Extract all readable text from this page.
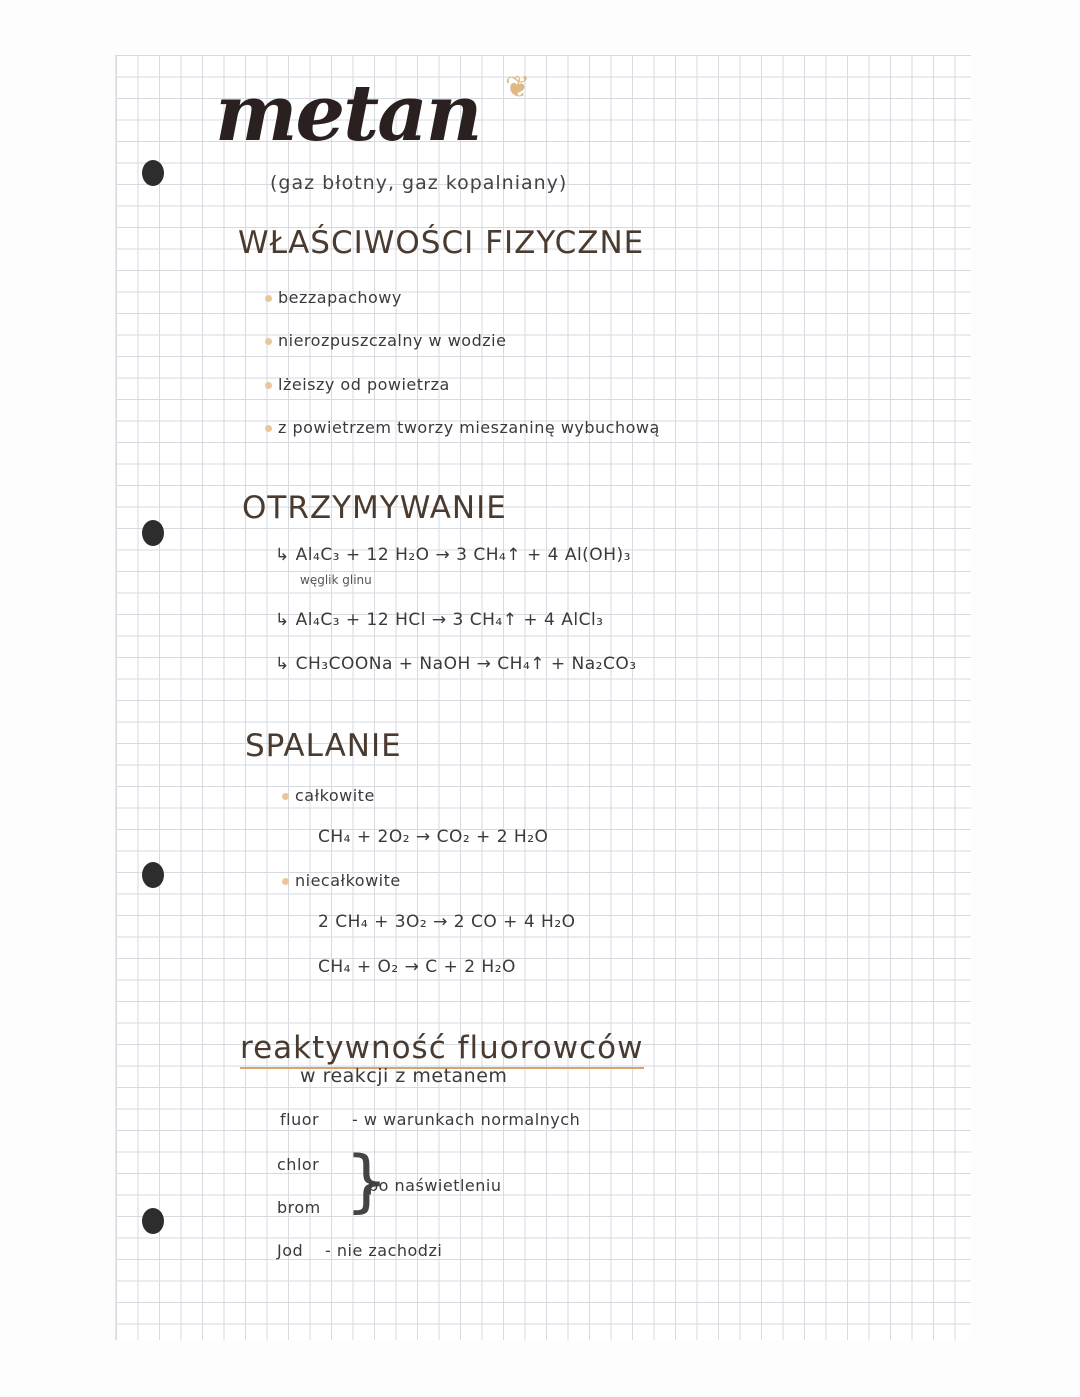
metan ❦
(gaz błotny, gaz kopalniany)
WŁAŚCIWOŚCI FIZYCZNE
bezzapachowy
nierozpuszczalny w wodzie
lżeiszy od powietrza
z powietrzem tworzy mieszaninę wybuchową
OTRZYMYWANIE
↳ Al₄C₃ + 12 H₂O → 3 CH₄↑ + 4 Al(OH)₃
węglik glinu
↳ Al₄C₃ + 12 HCl → 3 CH₄↑ + 4 AlCl₃
↳ CH₃COONa + NaOH → CH₄↑ + Na₂CO₃
SPALANIE
całkowite
CH₄ + 2O₂ → CO₂ + 2 H₂O
niecałkowite
2 CH₄ + 3O₂ → 2 CO + 4 H₂O
CH₄ + O₂ → C + 2 H₂O
reaktywność fluorowców
w reakcji z metanem
fluor - w warunkach normalnych
chlor
brom }
po naświetleniu
Jod - nie zachodzi
